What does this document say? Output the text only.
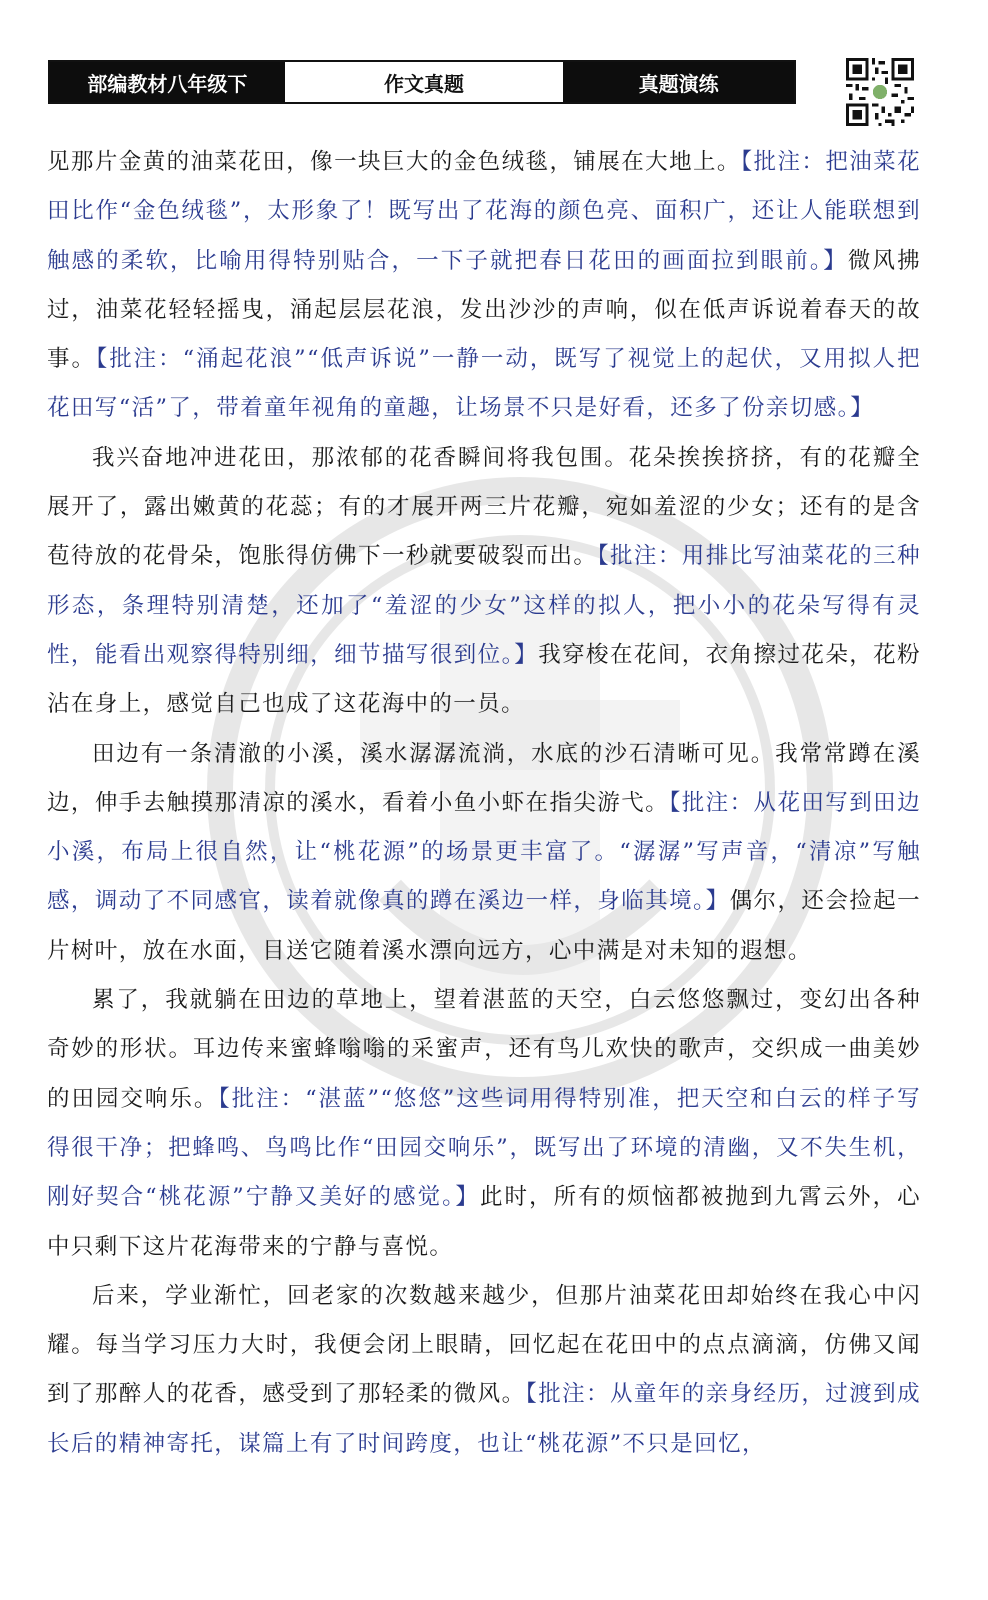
部编教材八年级下	作文真题	真题演练

见那片金黄的油菜花田，像一块巨大的金色绒毯，铺展在大地上。【批注：把油菜花田比作“金色绒毯”，太形象了！既写出了花海的颜色亮、面积广，还让人能联想到触感的柔软，比喻用得特别贴合，一下子就把春日花田的画面拉到眼前。】微风拂过，油菜花轻轻摇曳，涌起层层花浪，发出沙沙的声响，似在低声诉说着春天的故事。【批注：“涌起花浪”“低声诉说”一静一动，既写了视觉上的起伏，又用拟人把花田写“活”了，带着童年视角的童趣，让场景不只是好看，还多了份亲切感。】

我兴奋地冲进花田，那浓郁的花香瞬间将我包围。花朵挨挨挤挤，有的花瓣全展开了，露出嫩黄的花蕊；有的才展开两三片花瓣，宛如羞涩的少女；还有的是含苞待放的花骨朵，饱胀得仿佛下一秒就要破裂而出。【批注：用排比写油菜花的三种形态，条理特别清楚，还加了“羞涩的少女”这样的拟人，把小小的花朵写得有灵性，能看出观察得特别细，细节描写很到位。】我穿梭在花间，衣角擦过花朵，花粉沾在身上，感觉自己也成了这花海中的一员。

田边有一条清澈的小溪，溪水潺潺流淌，水底的沙石清晰可见。我常常蹲在溪边，伸手去触摸那清凉的溪水，看着小鱼小虾在指尖游弋。【批注：从花田写到田边小溪，布局上很自然，让“桃花源”的场景更丰富了。“潺潺”写声音，“清凉”写触感，调动了不同感官，读着就像真的蹲在溪边一样，身临其境。】偶尔，还会捡起一片树叶，放在水面，目送它随着溪水漂向远方，心中满是对未知的遐想。

累了，我就躺在田边的草地上，望着湛蓝的天空，白云悠悠飘过，变幻出各种奇妙的形状。耳边传来蜜蜂嗡嗡的采蜜声，还有鸟儿欢快的歌声，交织成一曲美妙的田园交响乐。【批注：“湛蓝”“悠悠”这些词用得特别准，把天空和白云的样子写得很干净；把蜂鸣、鸟鸣比作“田园交响乐”，既写出了环境的清幽，又不失生机，刚好契合“桃花源”宁静又美好的感觉。】此时，所有的烦恼都被抛到九霄云外，心中只剩下这片花海带来的宁静与喜悦。

后来，学业渐忙，回老家的次数越来越少，但那片油菜花田却始终在我心中闪耀。每当学习压力大时，我便会闭上眼睛，回忆起在花田中的点点滴滴，仿佛又闻到了那醉人的花香，感受到了那轻柔的微风。【批注：从童年的亲身经历，过渡到成长后的精神寄托，谋篇上有了时间跨度，也让“桃花源”不只是回忆，
